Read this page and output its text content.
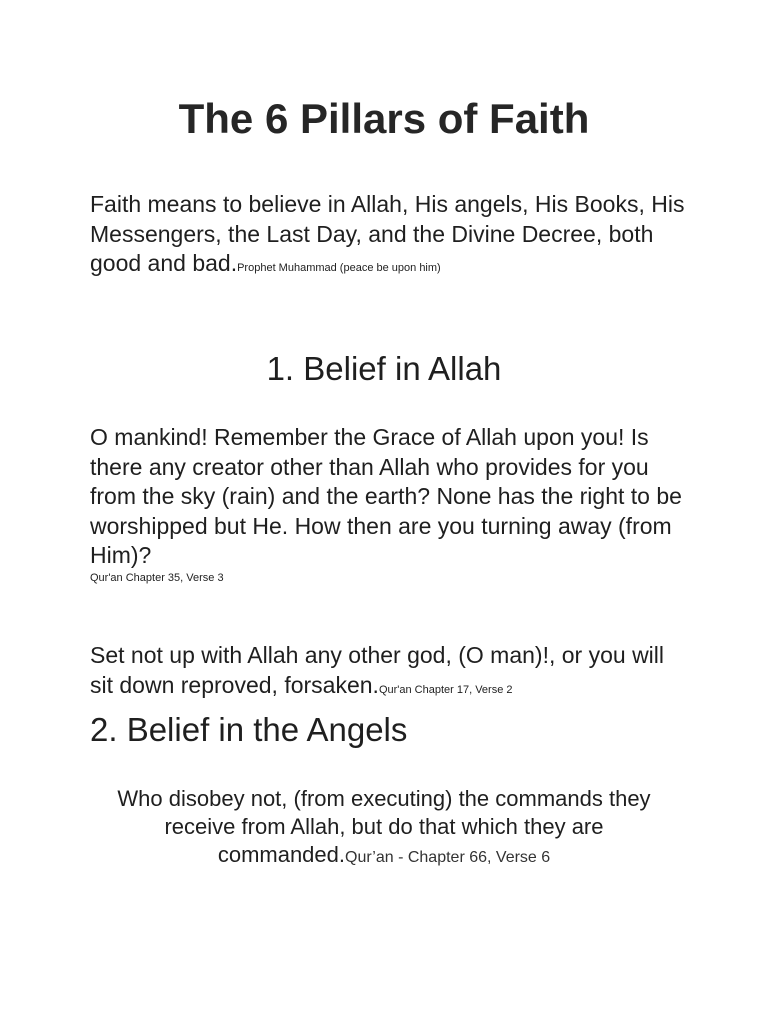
The 6 Pillars of Faith

Faith means to believe in Allah, His angels, His Books, His Messengers, the Last Day, and the Divine Decree, both good and bad.Prophet Muhammad (peace be upon him)

1. Belief in Allah

O mankind! Remember the Grace of Allah upon you! Is there any creator other than Allah who provides for you from the sky (rain) and the earth? None has the right to be worshipped but He. How then are you turning away (from Him)?
Qur'an Chapter 35, Verse 3

Set not up with Allah any other god, (O man)!, or you will sit down reproved, forsaken.Qur'an Chapter 17, Verse 2

2. Belief in the Angels

Who disobey not, (from executing) the commands they receive from Allah, but do that which they are commanded.Qur’an - Chapter 66, Verse 6
